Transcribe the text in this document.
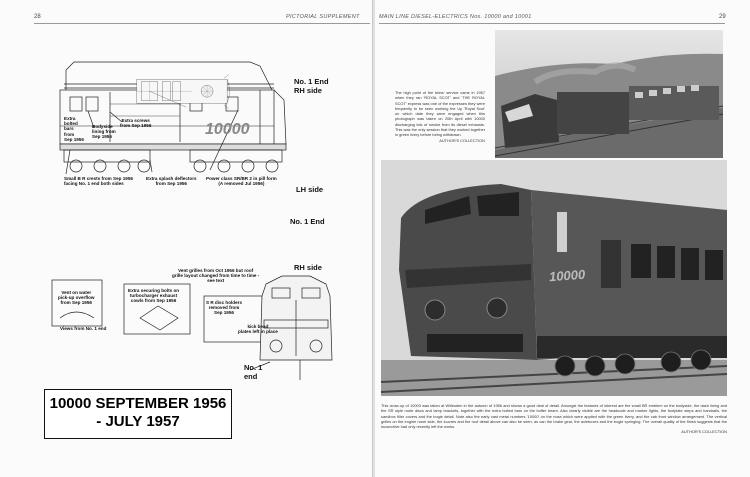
28	PICTORIAL SUPPLEMENT
No. 1 End
RH side
Extra screws
from Sep 1956
Bodyside
lining from
Sep 1956
Extra
bolted
bars
from
Sep 1956
10000
Small B R crests from Sep 1956
facing No. 1 end both sides
Extra splash deflectors
from Sep 1956
Power class SR/BR 2 in pill form
(A removed Jul 1956)
LH side
No. 1 End
RH side
Vent grilles from Oct 1956 but roof
grille layout changed from time to time -
see text
Vent on water
pick-up overflow
from Sep 1956
Extra securing bolts on
turbocharger exhaust
cowls from Sep 1956	S R disc holders
removed from
Sep 1956
Views from No. 1 end	kick bead
plates left in place
No. 1
end
10000 SEPTEMBER 1956
- JULY 1957
MAIN LINE DIESEL-ELECTRICS Nos. 10000 and 10001	29
The high point of the twins' service came in 1957 when they ran 'ROYAL SCOT' and 'THE ROYAL SCOT' express was one of the expresses they were frequently to be seen working the Up 'Royal Scot' on which date they were engaged when this photograph was taken on 20th April with 10000 discharging lots of smoke from its diesel exhausts. This was the only session that they worked together in green livery before being withdrawn.
AUTHOR'S COLLECTION
10000
This close-up of 10000 was taken at Willesden in the autumn of 1956 and shows a good deal of detail. Amongst the features of interest are the small BR emblem on the bodyside, the dash lining and the SR style route discs and lamp brackets, together with the extra bolted bars on the buffer beam. Also clearly visible are the headcode and marker lights, the footplate steps and handrails, the sandbox filler covers and the bogie detail. Note also the early cast metal numbers '10000' on the nose which were applied with the green livery, and the cab front window arrangement. The vertical grilles on the engine room side, the louvres and the roof detail above can also be seen, as can the brake gear, the axleboxes and the bogie springing. The overall quality of the finish suggests that the locomotive had only recently left the works.
AUTHOR'S COLLECTION
